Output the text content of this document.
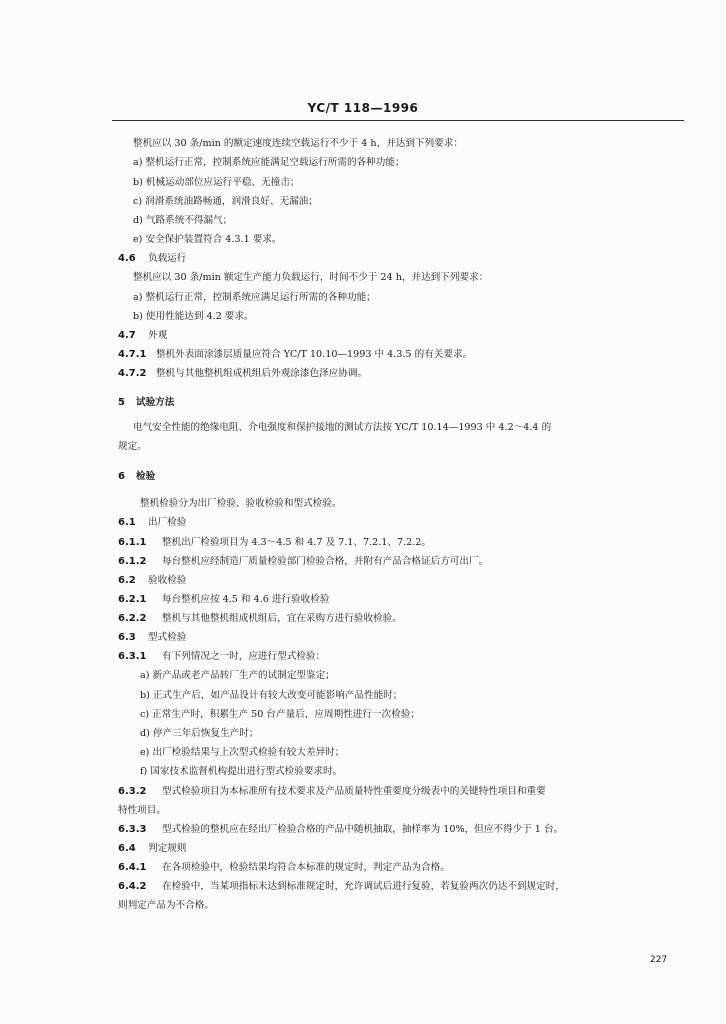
YC/T 118—1996
整机应以 30 条/min 的额定速度连续空载运行不少于 4 h，并达到下列要求：
a) 整机运行正常，控制系统应能满足空载运行所需的各种功能；
b) 机械运动部位应运行平稳、无撞击；
c) 润滑系统油路畅通，润滑良好、无漏油；
d) 气路系统不得漏气；
e) 安全保护装置符合 4.3.1 要求。
4.6 负载运行
整机应以 30 条/min 额定生产能力负载运行，时间不少于 24 h，并达到下列要求：
a) 整机运行正常，控制系统应满足运行所需的各种功能；
b) 使用性能达到 4.2 要求。
4.7 外观
4.7.1 整机外表面涂漆层质量应符合 YC/T 10.10—1993 中 4.3.5 的有关要求。
4.7.2 整机与其他整机组成机组后外观涂漆色泽应协调。
5 试验方法
电气安全性能的绝缘电阻、介电强度和保护接地的测试方法按 YC/T 10.14—1993 中 4.2～4.4 的
规定。
6 检验
整机检验分为出厂检验、验收检验和型式检验。
6.1 出厂检验
6.1.1 整机出厂检验项目为 4.3～4.5 和 4.7 及 7.1、7.2.1、7.2.2。
6.1.2 每台整机应经制造厂质量检验部门检验合格，并附有产品合格证后方可出厂。
6.2 验收检验
6.2.1 每台整机应按 4.5 和 4.6 进行验收检验
6.2.2 整机与其他整机组成机组后，宜在采购方进行验收检验。
6.3 型式检验
6.3.1 有下列情况之一时，应进行型式检验：
a) 新产品或老产品转厂生产的试制定型鉴定；
b) 正式生产后，如产品设计有较大改变可能影响产品性能时；
c) 正常生产时，积累生产 50 台产量后，应周期性进行一次检验；
d) 停产三年后恢复生产时；
e) 出厂检验结果与上次型式检验有较大差异时；
f) 国家技术监督机构提出进行型式检验要求时。
6.3.2 型式检验项目为本标准所有技术要求及产品质量特性重要度分级表中的关键特性项目和重要
特性项目。
6.3.3 型式检验的整机应在经出厂检验合格的产品中随机抽取，抽样率为 10%，但应不得少于 1 台。
6.4 判定规则
6.4.1 在各项检验中，检验结果均符合本标准的规定时，判定产品为合格。
6.4.2 在检验中，当某项指标未达到标准规定时，允许调试后进行复验，若复验两次仍达不到规定时，
则判定产品为不合格。
227
